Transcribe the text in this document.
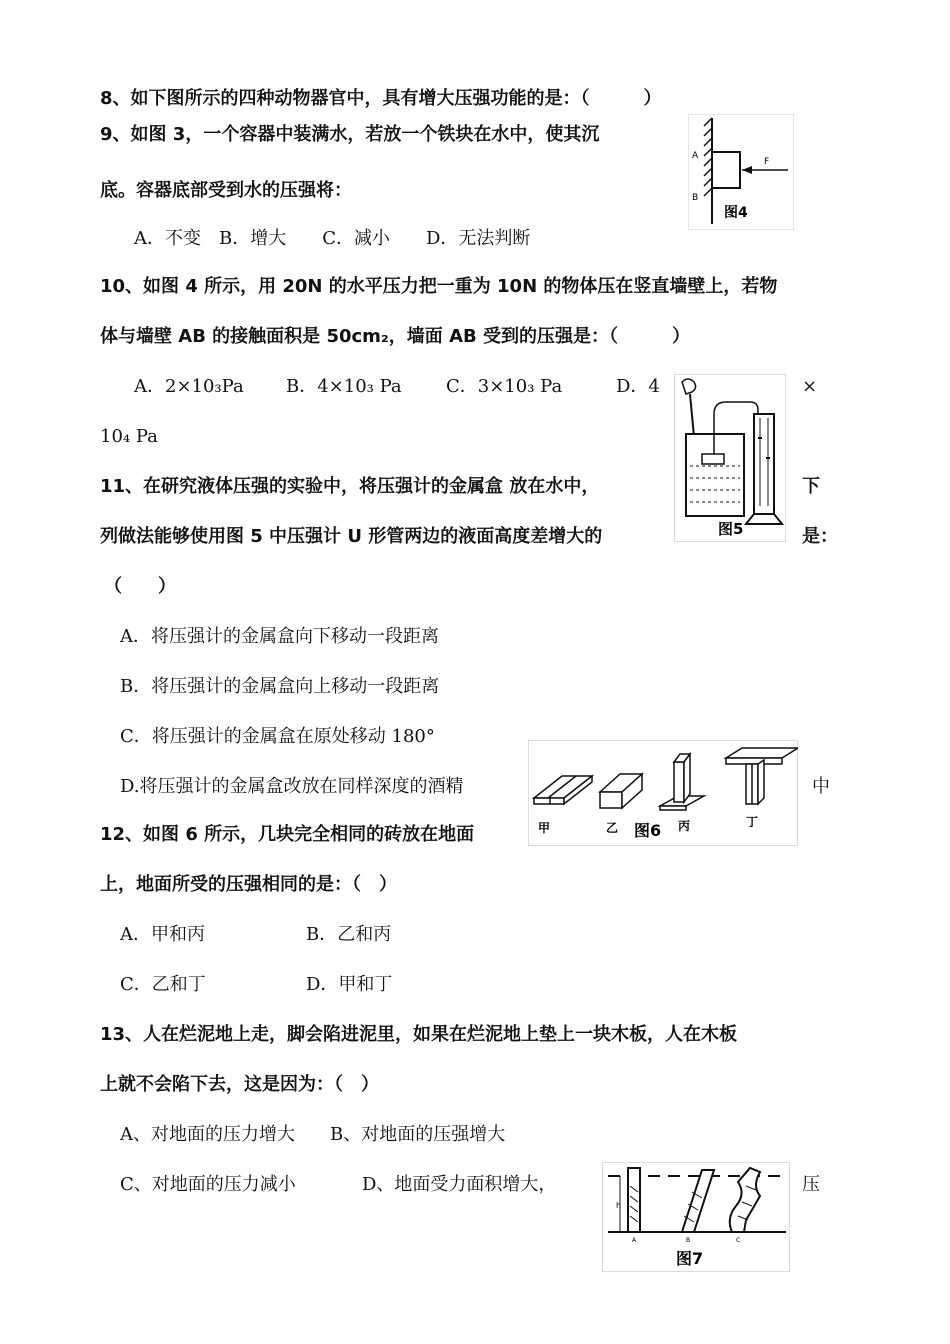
8、如下图所示的四种动物器官中，具有增大压强功能的是：（　　　）
9、如图 3，一个容器中装满水，若放一个铁块在水中，使其沉
底。容器底部受到水的压强将：
A．不变　B．增大　　C．减小　　D．无法判断
A
B
F
图4
10、如图 4 所示，用 20N 的水平压力把一重为 10N 的物体压在竖直墙壁上，若物
体与墙壁 AB 的接触面积是 50cm₂，墙面 AB 受到的压强是：（　　　）
A．2×10₃Pa B．4×10₃ Pa C．3×10₃ Pa	D．4	×
10₄ Pa
图5
11、在研究液体压强的实验中，将压强计的金属盒 放在水中，	下
列做法能够使用图 5 中压强计 U 形管两边的液面高度差增大的	是：
（　　）
A．将压强计的金属盒向下移动一段距离
B．将压强计的金属盒向上移动一段距离
C．将压强计的金属盒在原处移动 180°
D.将压强计的金属盒改放在同样深度的酒精	中
甲	乙 图6 丙	丁
12、如图 6 所示，几块完全相同的砖放在地面
上，地面所受的压强相同的是：（　）
A．甲和丙	B．乙和丙
C．乙和丁	D．甲和丁
13、人在烂泥地上走，脚会陷进泥里，如果在烂泥地上垫上一块木板，人在木板
上就不会陷下去，这是因为：（　）
A、对地面的压力增大 B、对地面的压强增大
C、对地面的压力减小	D、地面受力面积增大，	压
h
A	B	C
图7
